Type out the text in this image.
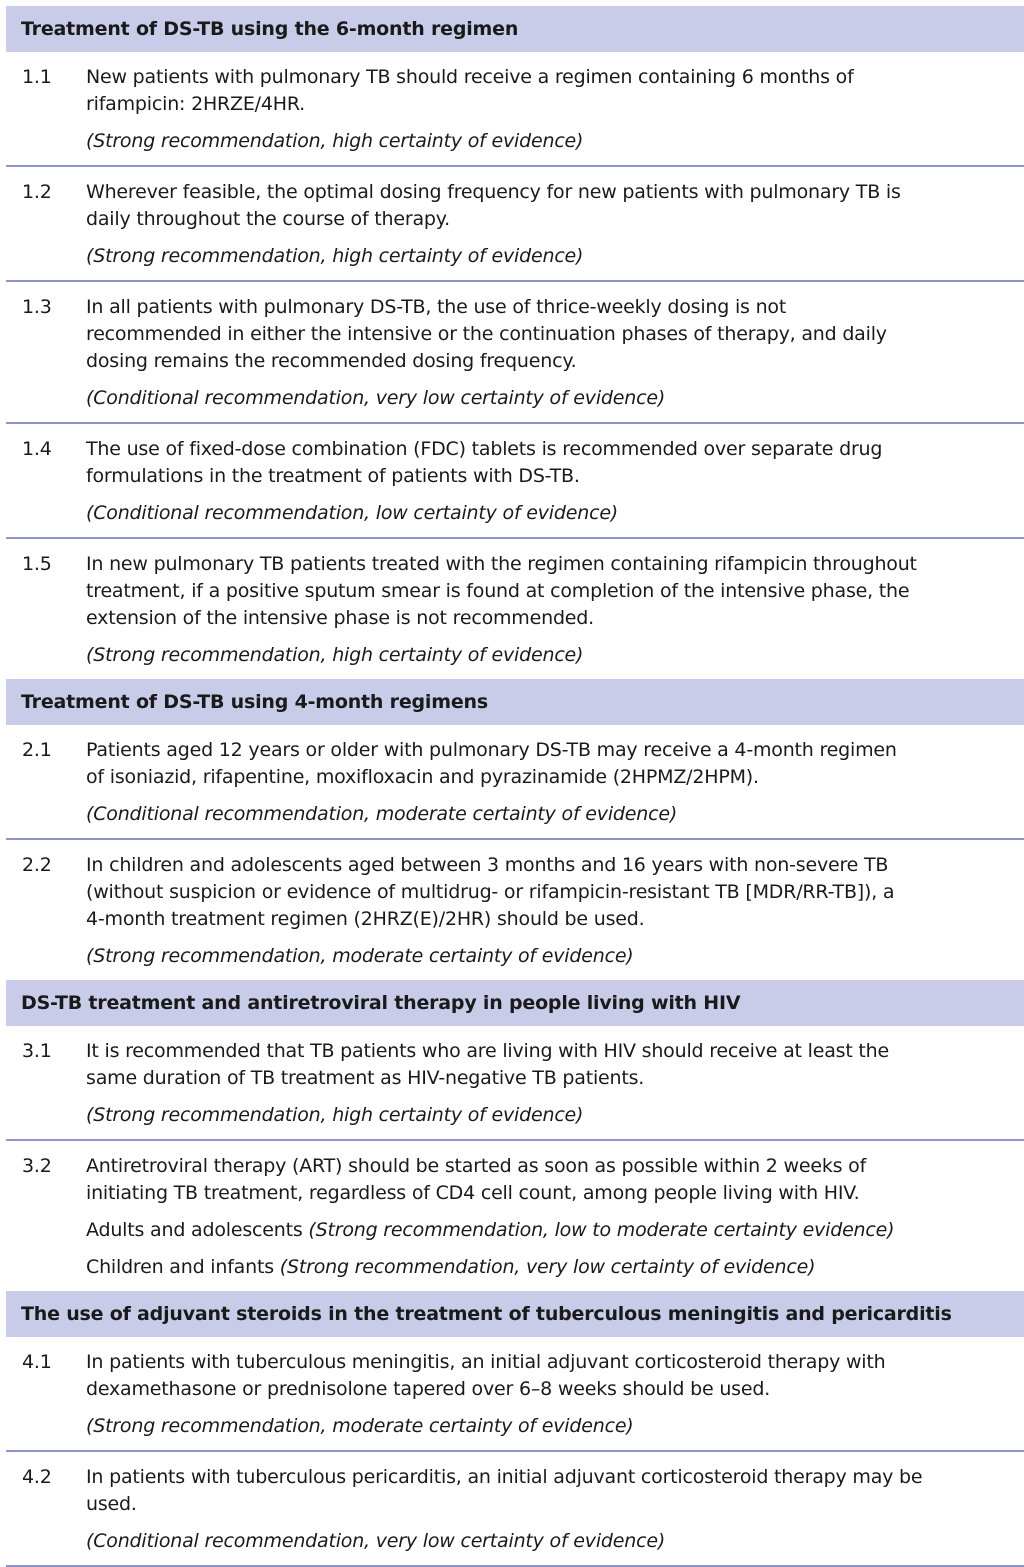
Treatment of DS-TB using the 6-month regimen
1.1 New patients with pulmonary TB should receive a regimen containing 6 months of
rifampicin: 2HRZE/4HR.
(Strong recommendation, high certainty of evidence)
1.2 Wherever feasible, the optimal dosing frequency for new patients with pulmonary TB is
daily throughout the course of therapy.
(Strong recommendation, high certainty of evidence)
1.3 In all patients with pulmonary DS-TB, the use of thrice-weekly dosing is not
recommended in either the intensive or the continuation phases of therapy, and daily
dosing remains the recommended dosing frequency.
(Conditional recommendation, very low certainty of evidence)
1.4 The use of fixed-dose combination (FDC) tablets is recommended over separate drug
formulations in the treatment of patients with DS-TB.
(Conditional recommendation, low certainty of evidence)
1.5 In new pulmonary TB patients treated with the regimen containing rifampicin throughout
treatment, if a positive sputum smear is found at completion of the intensive phase, the
extension of the intensive phase is not recommended.
(Strong recommendation, high certainty of evidence)
Treatment of DS-TB using 4-month regimens
2.1 Patients aged 12 years or older with pulmonary DS-TB may receive a 4-month regimen
of isoniazid, rifapentine, moxifloxacin and pyrazinamide (2HPMZ/2HPM).
(Conditional recommendation, moderate certainty of evidence)
2.2 In children and adolescents aged between 3 months and 16 years with non-severe TB
(without suspicion or evidence of multidrug- or rifampicin-resistant TB [MDR/RR-TB]), a
4-month treatment regimen (2HRZ(E)/2HR) should be used.
(Strong recommendation, moderate certainty of evidence)
DS-TB treatment and antiretroviral therapy in people living with HIV
3.1 It is recommended that TB patients who are living with HIV should receive at least the
same duration of TB treatment as HIV-negative TB patients.
(Strong recommendation, high certainty of evidence)
3.2 Antiretroviral therapy (ART) should be started as soon as possible within 2 weeks of
initiating TB treatment, regardless of CD4 cell count, among people living with HIV.
Adults and adolescents (Strong recommendation, low to moderate certainty evidence)
Children and infants (Strong recommendation, very low certainty of evidence)
The use of adjuvant steroids in the treatment of tuberculous meningitis and pericarditis
4.1 In patients with tuberculous meningitis, an initial adjuvant corticosteroid therapy with
dexamethasone or prednisolone tapered over 6–8 weeks should be used.
(Strong recommendation, moderate certainty of evidence)
4.2 In patients with tuberculous pericarditis, an initial adjuvant corticosteroid therapy may be
used.
(Conditional recommendation, very low certainty of evidence)
